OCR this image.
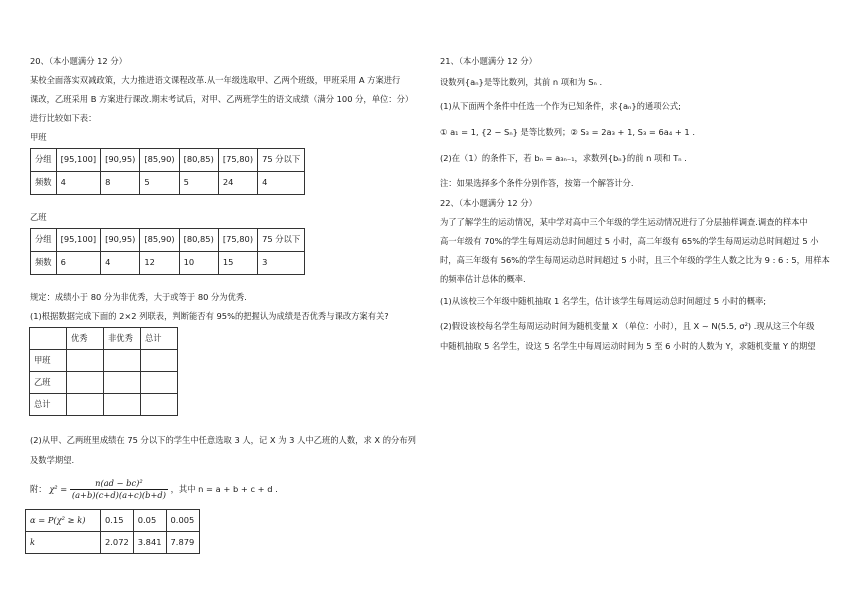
20、（本小题满分 12 分）
某校全面落实双减政策，大力推进语文课程改革.从一年级选取甲、乙两个班级，甲班采用 A 方案进行
课改，乙班采用 B 方案进行课改.期末考试后，对甲、乙两班学生的语文成绩（满分 100 分，单位：分）
进行比较如下表：
甲班
分组	[95,100]	[90,95)	[85,90)	[80,85)	[75,80)	75 分以下
频数	4	8	5	5	24	4
乙班
分组	[95,100]	[90,95)	[85,90)	[80,85)	[75,80)	75 分以下
频数	6	4	12	10	15	3
规定：成绩小于 80 分为非优秀，大于或等于 80 分为优秀.
(1)根据数据完成下面的 2×2 列联表，判断能否有 95%的把握认为成绩是否优秀与课改方案有关?
	优秀	非优秀	总计
甲班			
乙班			
总计			
(2)从甲、乙两班里成绩在 75 分以下的学生中任意选取 3 人，记 X 为 3 人中乙班的人数，求 X 的分布列
及数学期望.
附： $\chi^2 = \frac{\text{n(ad − bc)²}}{(a+b)(c+d)(a+c)(b+d)}$ ，其中 n = a + b + c + d .
α = P(χ² ≥ k)	0.15	0.05	0.005
k	2.072	3.841	7.879
21、（本小题满分 12 分）
设数列{aₙ}是等比数列，其前 n 项和为 Sₙ .
(1)从下面两个条件中任选一个作为已知条件，求{aₙ}的通项公式;
① a₁ = 1, {2 − Sₙ} 是等比数列；② S₃ = 2a₃ + 1, S₃ = 6a₄ + 1 .
(2)在（1）的条件下，若 bₙ = a₃ₙ₋₁，求数列{bₙ}的前 n 项和 Tₙ .
注：如果选择多个条件分别作答，按第一个解答计分.
22、（本小题满分 12 分）
为了了解学生的运动情况，某中学对高中三个年级的学生运动情况进行了分层抽样调查.调查的样本中
高一年级有 70%的学生每周运动总时间超过 5 小时，高二年级有 65%的学生每周运动总时间超过 5 小
时，高三年级有 56%的学生每周运动总时间超过 5 小时，且三个年级的学生人数之比为 9 : 6 : 5，用样本
的频率估计总体的概率.
(1)从该校三个年级中随机抽取 1 名学生，估计该学生每周运动总时间超过 5 小时的概率;
(2)假设该校每名学生每周运动时间为随机变量 X （单位：小时），且 X ~ N(5.5, σ²) .现从这三个年级
中随机抽取 5 名学生，设这 5 名学生中每周运动时间为 5 至 6 小时的人数为 Y，求随机变量 Y 的期望
